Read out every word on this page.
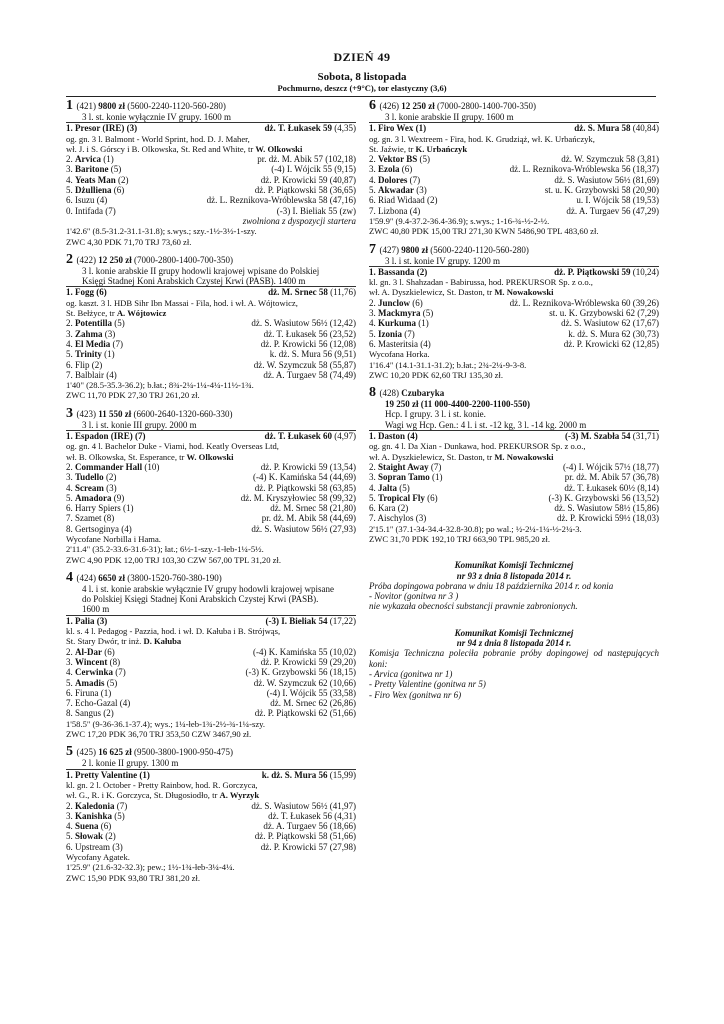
DZIEŃ 49
Sobota, 8 listopada
Pochmurno, deszcz (+9°C), tor elastyczny (3,6)
1 (421) 9800 zł (5600-2240-1120-560-280)
3 l. st. konie wyłącznie IV grupy. 1600 m
1. Presor (IRE) (3)	dż. T. Łukasek 59 (4,35)
og. gn. 3 l. Balmont - World Sprint, hod. D. J. Maher,
wł. J. i S. Górscy i B. Olkowska, St. Red and White, tr W. Olkowski
2. Arvica (1)	pr. dż. M. Abik 57 (102,18)
3. Baritone (5)	(-4) I. Wójcik 55 (9,15)
4. Yeats Man (2)	dż. P. Krowicki 59 (40,87)
5. Dżulliena (6)	dż. P. Piątkowski 58 (36,65)
6. Isuzu (4)	dż. L. Reznikova-Wróblewska 58 (47,16)
0. Intifada (7)	(-3) I. Bieliak 55 (zw)
zwolniona z dyspozycji startera
1'42.6" (8.5-31.2-31.1-31.8); s.wys.; szy.-1½-3½-1-szy.
ZWC 4,30 PDK 71,70 TRJ 73,60 zł.
2 (422) 12 250 zł (7000-2800-1400-700-350)
3 l. konie arabskie II grupy hodowli krajowej wpisane do Polskiej
Księgi Stadnej Koni Arabskich Czystej Krwi (PASB). 1400 m
1. Fogg (6)	dż. M. Srnec 58 (11,76)
og. kaszt. 3 l. HDB Sihr Ibn Massai - Fila, hod. i wł. A. Wójtowicz,
St. Bełżyce, tr A. Wójtowicz
2. Potentilla (5)	dż. S. Wasiutow 56½ (12,42)
3. Zahma (3)	dż. T. Łukasek 56 (23,52)
4. El Media (7)	dż. P. Krowicki 56 (12,08)
5. Trinity (1)	k. dż. S. Mura 56 (9,51)
6. Flip (2)	dż. W. Szymczuk 58 (55,87)
7. Balblair (4)	dż. A. Turgaev 58 (74,49)
1'40" (28.5-35.3-36.2); b.łat.; 8¾-2¼-1¼-4¼-11½-1¾.
ZWC 11,70 PDK 27,30 TRJ 261,20 zł.
3 (423) 11 550 zł (6600-2640-1320-660-330)
3 l. i st. konie III grupy. 2000 m
1. Espadon (IRE) (7)	dż. T. Łukasek 60 (4,97)
og. gn. 4 l. Bachelor Duke - Viami, hod. Keatly Overseas Ltd,
wł. B. Olkowska, St. Esperance, tr W. Olkowski
2. Commander Hall (10)	dż. P. Krowicki 59 (13,54)
3. Tudello (2)	(-4) K. Kamińska 54 (44,69)
4. Scream (3)	dż. P. Piątkowski 58 (63,85)
5. Amadora (9)	dż. M. Kryszyłowiec 58 (99,32)
6. Harry Spiers (1)	dż. M. Srnec 58 (21,80)
7. Szamet (8)	pr. dż. M. Abik 58 (44,69)
8. Gertsoginya (4)	dż. S. Wasiutow 56½ (27,93)
Wycofane Norbilla i Hama.
2'11.4" (35.2-33.6-31.6-31); łat.; 6½-1-szy.-1-łeb-1¼-5½.
ZWC 4,90 PDK 12,00 TRJ 103,30 CZW 567,00 TPL 31,20 zł.
4 (424) 6650 zł (3800-1520-760-380-190)
4 l. i st. konie arabskie wyłącznie IV grupy hodowli krajowej wpisane
do Polskiej Księgi Stadnej Koni Arabskich Czystej Krwi (PASB).
1600 m
1. Palia (3)	(-3) I. Bieliak 54 (17,22)
kl. s. 4 l. Pedagog - Pazzia, hod. i wł. D. Kałuba i B. Strójwąs,
St. Stary Dwór, tr inż. D. Kałuba
2. Al-Dar (6)	(-4) K. Kamińska 55 (10,02)
3. Wincent (8)	dż. P. Krowicki 59 (29,20)
4. Cerwinka (7)	(-3) K. Grzybowski 56 (18,15)
5. Amadis (5)	dż. W. Szymczuk 62 (10,66)
6. Firuna (1)	(-4) I. Wójcik 55 (33,58)
7. Echo-Gazal (4)	dż. M. Srnec 62 (26,86)
8. Sangus (2)	dż. P. Piątkowski 62 (51,66)
1'58.5" (9-36-36.1-37.4); wys.; 1¼-łeb-1¾-2½-¾-1¼-szy.
ZWC 17,20 PDK 36,70 TRJ 353,50 CZW 3467,90 zł.
5 (425) 16 625 zł (9500-3800-1900-950-475)
2 l. konie II grupy. 1300 m
1. Pretty Valentine (1)	k. dż. S. Mura 56 (15,99)
kl. gn. 2 l. October - Pretty Rainbow, hod. R. Gorczyca,
wł. G., R. i K. Gorczyca, St. Długosiodło, tr A. Wyrzyk
2. Kaledonia (7)	dż. S. Wasiutow 56½ (41,97)
3. Kanishka (5)	dż. T. Łukasek 56 (4,31)
4. Suena (6)	dż. A. Turgaev 56 (18,66)
5. Słowak (2)	dż. P. Piątkowski 58 (51,66)
6. Upstream (3)	dż. P. Krowicki 57 (27,98)
Wycofany Agatek.
1'25.9" (21.6-32-32.3); pew.; 1½-1¾-łeb-3¼-4¼.
ZWC 15,90 PDK 93,80 TRJ 381,20 zł.
6 (426) 12 250 zł (7000-2800-1400-700-350)
3 l. konie arabskie II grupy. 1600 m
1. Firo Wex (1)	dż. S. Mura 58 (40,84)
og. gn. 3 l. Wextreem - Fira, hod. K. Grudziąż, wł. K. Urbańczyk,
St. Jaźwie, tr K. Urbańczyk
2. Vektor BS (5)	dż. W. Szymczuk 58 (3,81)
3. Ezola (6)	dż. L. Reznikova-Wróblewska 56 (18,37)
4. Dolores (7)	dż. S. Wasiutow 56½ (81,69)
5. Akwadar (3)	st. u. K. Grzybowski 58 (20,90)
6. Riad Widaad (2)	u. I. Wójcik 58 (19,53)
7. Lizbona (4)	dż. A. Turgaev 56 (47,29)
1'59.9" (9.4-37.2-36.4-36.9); s.wys.; 1-16-¾-½-2-½.
ZWC 40,80 PDK 15,00 TRJ 271,30 KWN 5486,90 TPL 483,60 zł.
7 (427) 9800 zł (5600-2240-1120-560-280)
3 l. i st. konie IV grupy. 1200 m
1. Bassanda (2)	dż. P. Piątkowski 59 (10,24)
kl. gn. 3 l. Shahzadan - Babirussa, hod. PREKURSOR Sp. z o.o.,
wł. A. Dyszkielewicz, St. Daston, tr M. Nowakowski
2. Junclow (6)	dż. L. Reznikova-Wróblewska 60 (39,26)
3. Mackmyra (5)	st. u. K. Grzybowski 62 (7,29)
4. Kurkuma (1)	dż. S. Wasiutow 62 (17,67)
5. Izonia (7)	k. dż. S. Mura 62 (30,73)
6. Masteritsia (4)	dż. P. Krowicki 62 (12,85)
Wycofana Horka.
1'16.4" (14.1-31.1-31.2); b.łat.; 2¾-2¼-9-3-8.
ZWC 10,20 PDK 62,60 TRJ 135,30 zł.
8 (428) Czubaryka
19 250 zł (11 000-4400-2200-1100-550)
Hcp. I grupy. 3 l. i st. konie.
Wagi wg Hcp. Gen.: 4 l. i st. -12 kg, 3 l. -14 kg. 2000 m
1. Daston (4)	(-3) M. Szabła 54 (31,71)
og. gn. 4 l. Da Xian - Dunkawa, hod. PREKURSOR Sp. z o.o.,
wł. A. Dyszkielewicz, St. Daston, tr M. Nowakowski
2. Staight Away (7)	(-4) I. Wójcik 57½ (18,77)
3. Sopran Tamo (1)	pr. dż. M. Abik 57 (36,78)
4. Jalta (5)	dż. T. Łukasek 60½ (8,14)
5. Tropical Fly (6)	(-3) K. Grzybowski 56 (13,52)
6. Kara (2)	dż. S. Wasiutow 58½ (15,86)
7. Aischylos (3)	dż. P. Krowicki 59½ (18,03)
2'15.1" (37.1-34-34.4-32.8-30.8); po wal.; ½-2¼-1¼-½-2¼-3.
ZWC 31,70 PDK 192,10 TRJ 663,90 TPL 985,20 zł.
Komunikat Komisji Technicznej
nr 93 z dnia 8 listopada 2014 r.
Próba dopingowa pobrana w dniu 18 października 2014 r. od konia
- Novitor (gonitwa nr 3 )
nie wykazała obecności substancji prawnie zabronionych.
Komunikat Komisji Technicznej
nr 94 z dnia 8 listopada 2014 r.
Komisja Techniczna poleciła pobranie próby dopingowej od następujących koni:
- Arvica (gonitwa nr 1)
- Pretty Valentine (gonitwa nr 5)
- Firo Wex (gonitwa nr 6)
